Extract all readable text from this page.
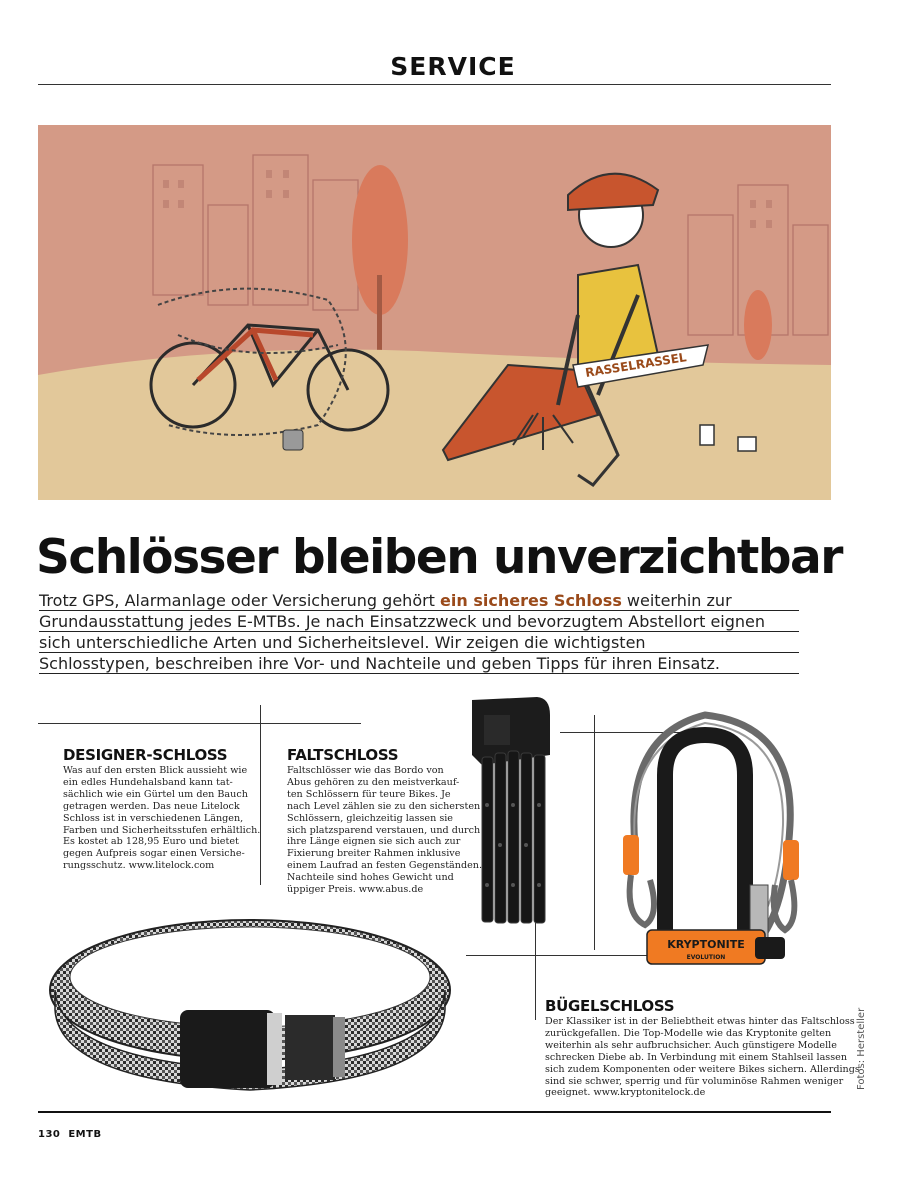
SERVICE
RASSELRASSEL
Schlösser bleiben unverzichtbar
Trotz GPS, Alarmanlage oder Versicherung gehört ein sicheres Schloss weiterhin zur
Grundausstattung jedes E-MTBs. Je nach Einsatzzweck und bevorzugtem Abstellort eignen
sich unterschiedliche Arten und Sicherheitslevel. Wir zeigen die wichtigsten
Schlosstypen, beschreiben ihre Vor- und Nachteile und geben Tipps für ihren Einsatz.
DESIGNER-SCHLOSS
Was auf den ersten Blick aussieht wie
ein edles Hundehalsband kann tat-
sächlich wie ein Gürtel um den Bauch
getragen werden. Das neue Litelock
Schloss ist in verschiedenen Längen,
Farben und Sicherheitsstufen erhältlich.
Es kostet ab 128,95 Euro und bietet
gegen Aufpreis sogar einen Versiche-
rungsschutz. www.litelock.com
FALTSCHLOSS
Faltschlösser wie das Bordo von
Abus gehören zu den meistverkauf-
ten Schlössern für teure Bikes. Je
nach Level zählen sie zu den sichersten
Schlössern, gleichzeitig lassen sie
sich platzsparend verstauen, und durch
ihre Länge eignen sie sich auch zur
Fixierung breiter Rahmen inklusive
einem Laufrad an festen Gegenständen.
Nachteile sind hohes Gewicht und
üppiger Preis. www.abus.de
KRYPTONITE
EVOLUTION
BÜGELSCHLOSS
Der Klassiker ist in der Beliebtheit etwas hinter das Faltschloss
zurückgefallen. Die Top-Modelle wie das Kryptonite gelten
weiterhin als sehr aufbruchsicher. Auch günstigere Modelle
schrecken Diebe ab. In Verbindung mit einem Stahlseil lassen
sich zudem Komponenten oder weitere Bikes sichern. Allerdings
sind sie schwer, sperrig und für voluminöse Rahmen weniger
geeignet. www.kryptonitelock.de
Fotos: Hersteller
130 EMTB
